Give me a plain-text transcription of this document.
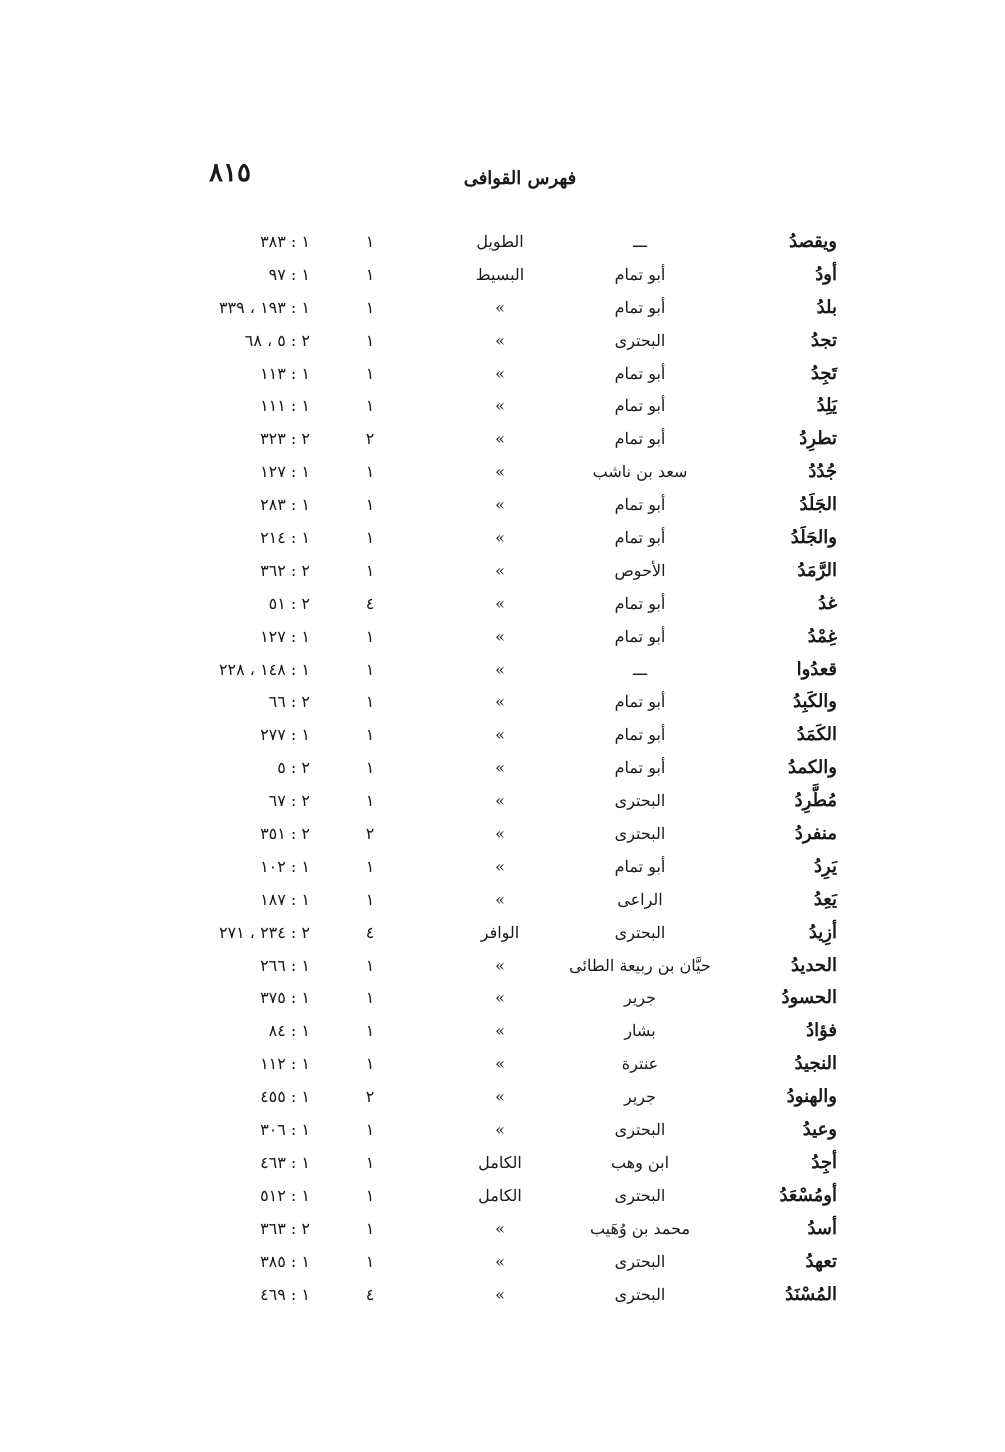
٨١٥	فهرس القوافى
ويقصدُ
ـــ
الطويل
١
١ : ٣٨٣
أودُ
أبو تمام
البسيط
١
١ : ٩٧
بلدُ
أبو تمام
»
١
١ : ١٩٣ ، ٣٣٩
تجدُ
البحترى
»
١
٢ : ٥ ، ٦٨
تَجِدُ
أبو تمام
»
١
١ : ١١٣
يَلِدُ
أبو تمام
»
١
١ : ١١١
تطرِدُ
أبو تمام
»
٢
٢ : ٣٢٣
جُدُدُ
سعد بن ناشب
»
١
١ : ١٢٧
الجَلَدُ
أبو تمام
»
١
١ : ٢٨٣
والجَلَدُ
أبو تمام
»
١
١ : ٢١٤
الرَّمَدُ
الأحوص
»
١
٢ : ٣٦٢
غدُ
أبو تمام
»
٤
٢ : ٥١
غِمْدُ
أبو تمام
»
١
١ : ١٢٧
قعدُوا
ـــ
»
١
١ : ١٤٨ ، ٢٢٨
والكَبِدُ
أبو تمام
»
١
٢ : ٦٦
الكَمَدُ
أبو تمام
»
١
١ : ٢٧٧
والكمدُ
أبو تمام
»
١
٢ : ٥
مُطَّرِدُ
البحترى
»
١
٢ : ٦٧
منفردُ
البحترى
»
٢
٢ : ٣٥١
يَرِدُ
أبو تمام
»
١
١ : ١٠٢
يَعِدُ
الراعى
»
١
١ : ١٨٧
أزِيدُ
البحترى
الوافر
٤
٢ : ٢٣٤ ، ٢٧١
الحديدُ
حيَّان بن ربيعة الطائى
»
١
١ : ٢٦٦
الحسودُ
جرير
»
١
١ : ٣٧٥
فؤادُ
بشار
»
١
١ : ٨٤
النجيدُ
عنترة
»
١
١ : ١١٢
والهنودُ
جرير
»
٢
١ : ٤٥٥
وعيدُ
البحترى
»
١
١ : ٣٠٦
أجِدُ
ابن وهب
الكامل
١
١ : ٤٦٣
أومُسْعَدُ
البحترى
الكامل
١
١ : ٥١٢
أسدُ
محمد بن وُهَيب
»
١
٢ : ٣٦٣
تعهدُ
البحترى
»
١
١ : ٣٨٥
المُسْنَدُ
البحترى
»
٤
١ : ٤٦٩
